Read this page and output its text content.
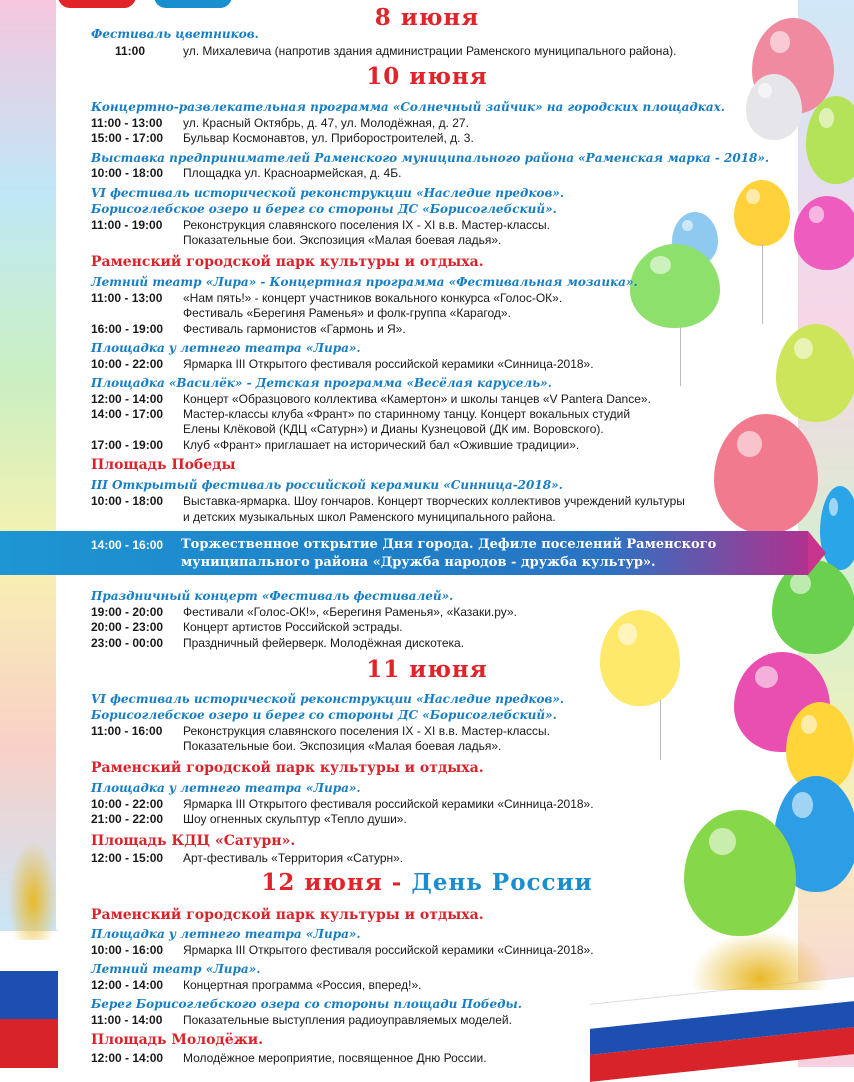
8 июня
Фестиваль цветников.
11:00	ул. Михалевича (напротив здания администрации Раменского муниципального района).
10 июня
Концертно-развлекательная программа «Солнечный зайчик» на городских площадках.
11:00 - 13:00 ул. Красный Октябрь, д. 47, ул. Молодёжная, д. 27.
15:00 - 17:00 Бульвар Космонавтов, ул. Приборостроителей, д. 3.
Выставка предпринимателей Раменского муниципального района «Раменская марка - 2018».
10:00 - 18:00 Площадка ул. Красноармейская, д. 4Б.
VI фестиваль исторической реконструкции «Наследие предков».
Борисоглебское озеро и берег со стороны ДС «Борисоглебский».
11:00 - 19:00 Реконструкция славянского поселения IX - XI в.в. Мастер-классы.
Показательные бои. Экспозиция «Малая боевая ладья».
Раменский городской парк культуры и отдыха.
Летний театр «Лира» - Концертная программа «Фестивальная мозаика».
11:00 - 13:00 «Нам пять!» - концерт участников вокального конкурса «Голос-ОК».
Фестиваль «Берегиня Раменья» и фолк-группа «Карагод».
16:00 - 19:00 Фестиваль гармонистов «Гармонь и Я».
Площадка у летнего театра «Лира».
10:00 - 22:00 Ярмарка III Открытого фестиваля российской керамики «Синница-2018».
Площадка «Василёк» - Детская программа «Весёлая карусель».
12:00 - 14:00 Концерт «Образцового коллектива «Камертон» и школы танцев «V Pantera Dance».
14:00 - 17:00 Мастер-классы клуба «Франт» по старинному танцу. Концерт вокальных студий
Елены Клёковой (КДЦ «Сатурн») и Дианы Кузнецовой (ДК им. Воровского).
17:00 - 19:00 Клуб «Франт» приглашает на исторический бал «Ожившие традиции».
Площадь Победы
III Открытый фестиваль российской керамики «Синница-2018».
10:00 - 18:00 Выставка-ярмарка. Шоу гончаров. Концерт творческих коллективов учреждений культуры
и детских музыкальных школ Раменского муниципального района.
14:00 - 16:00 Торжественное открытие Дня города. Дефиле поселений Раменского
муниципального района «Дружба народов - дружба культур».
Праздничный концерт «Фестиваль фестивалей».
19:00 - 20:00 Фестивали «Голос-ОК!», «Берегиня Раменья», «Казаки.ру».
20:00 - 23:00 Концерт артистов Российской эстрады.
23:00 - 00:00 Праздничный фейерверк. Молодёжная дискотека.
11 июня
VI фестиваль исторической реконструкции «Наследие предков».
Борисоглебское озеро и берег со стороны ДС «Борисоглебский».
11:00 - 16:00 Реконструкция славянского поселения IX - XI в.в. Мастер-классы.
Показательные бои. Экспозиция «Малая боевая ладья».
Раменский городской парк культуры и отдыха.
Площадка у летнего театра «Лира».
10:00 - 22:00 Ярмарка III Открытого фестиваля российской керамики «Синница-2018».
21:00 - 22:00 Шоу огненных скульптур «Тепло души».
Площадь КДЦ «Сатурн».
12:00 - 15:00 Арт-фестиваль «Территория «Сатурн».
12 июня - День России
Раменский городской парк культуры и отдыха.
Площадка у летнего театра «Лира».
10:00 - 16:00 Ярмарка III Открытого фестиваля российской керамики «Синница-2018».
Летний театр «Лира».
12:00 - 14:00 Концертная программа «Россия, вперед!».
Берег Борисоглебского озера со стороны площади Победы.
11:00 - 14:00 Показательные выступления радиоуправляемых моделей.
Площадь Молодёжи.
12:00 - 14:00 Молодёжное мероприятие, посвященное Дню России.
